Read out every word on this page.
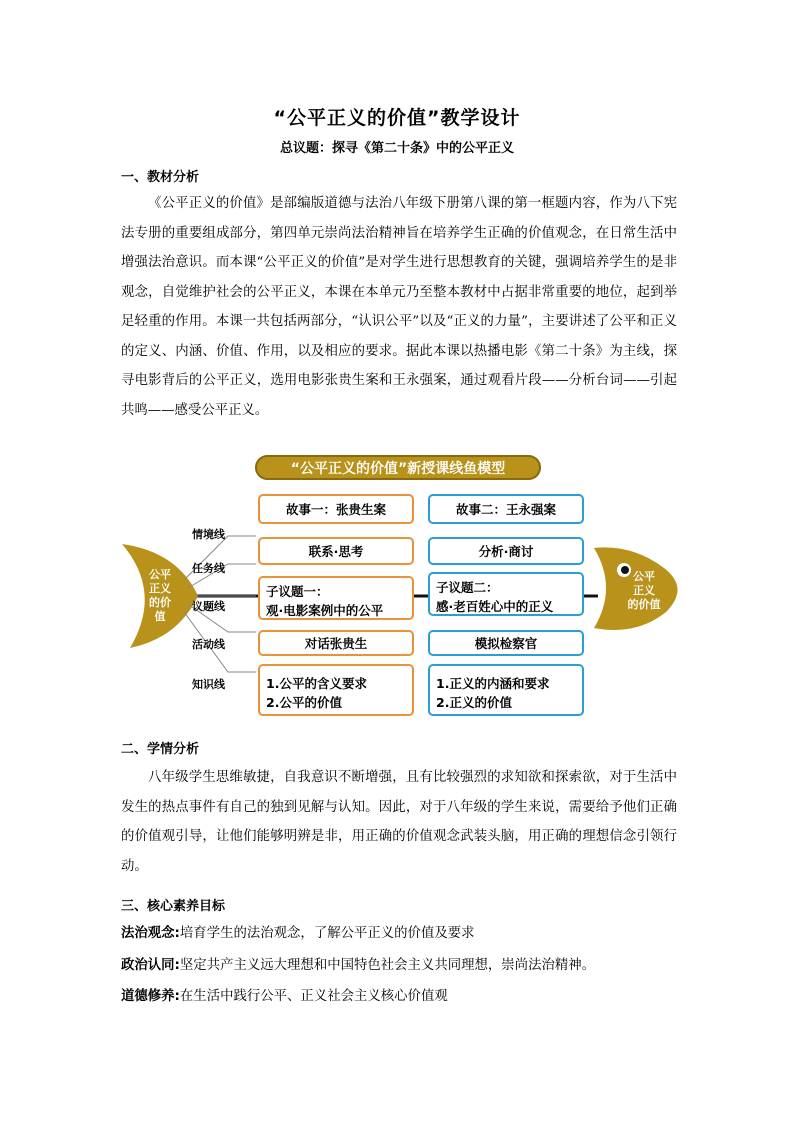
“公平正义的价值”教学设计
总议题：探寻《第二十条》中的公平正义
一、教材分析

《公平正义的价值》是部编版道德与法治八年级下册第八课的第一框题内容，作为八下宪法专册的重要组成部分，第四单元崇尚法治精神旨在培养学生正确的价值观念，在日常生活中增强法治意识。而本课“公平正义的价值”是对学生进行思想教育的关键，强调培养学生的是非观念，自觉维护社会的公平正义，本课在本单元乃至整本教材中占据非常重要的地位，起到举足轻重的作用。本课一共包括两部分，“认识公平”以及“正义的力量”，主要讲述了公平和正义的定义、内涵、价值、作用，以及相应的要求。据此本课以热播电影《第二十条》为主线，探寻电影背后的公平正义，选用电影张贵生案和王永强案，通过观看片段——分析台词——引起共鸣——感受公平正义。

“公平正义的价值”新授课线鱼模型
公平
正义
的价
值
情境线
任务线
议题线
活动线
知识线
故事一：张贵生案
联系·思考
子议题一：
观·电影案例中的公平
对话张贵生
1.公平的含义要求
2.公平的价值
故事二：王永强案
分析·商讨
子议题二：
感·老百姓心中的正义
模拟检察官
1.正义的内涵和要求
2.正义的价值
公平
正义
的价值
二、学情分析

八年级学生思维敏捷，自我意识不断增强，且有比较强烈的求知欲和探索欲，对于生活中发生的热点事件有自己的独到见解与认知。因此，对于八年级的学生来说，需要给予他们正确的价值观引导，让他们能够明辨是非，用正确的价值观念武装头脑，用正确的理想信念引领行动。

三、核心素养目标
法治观念:培育学生的法治观念，了解公平正义的价值及要求
政治认同:坚定共产主义远大理想和中国特色社会主义共同理想，崇尚法治精神。
道德修养:在生活中践行公平、正义社会主义核心价值观
